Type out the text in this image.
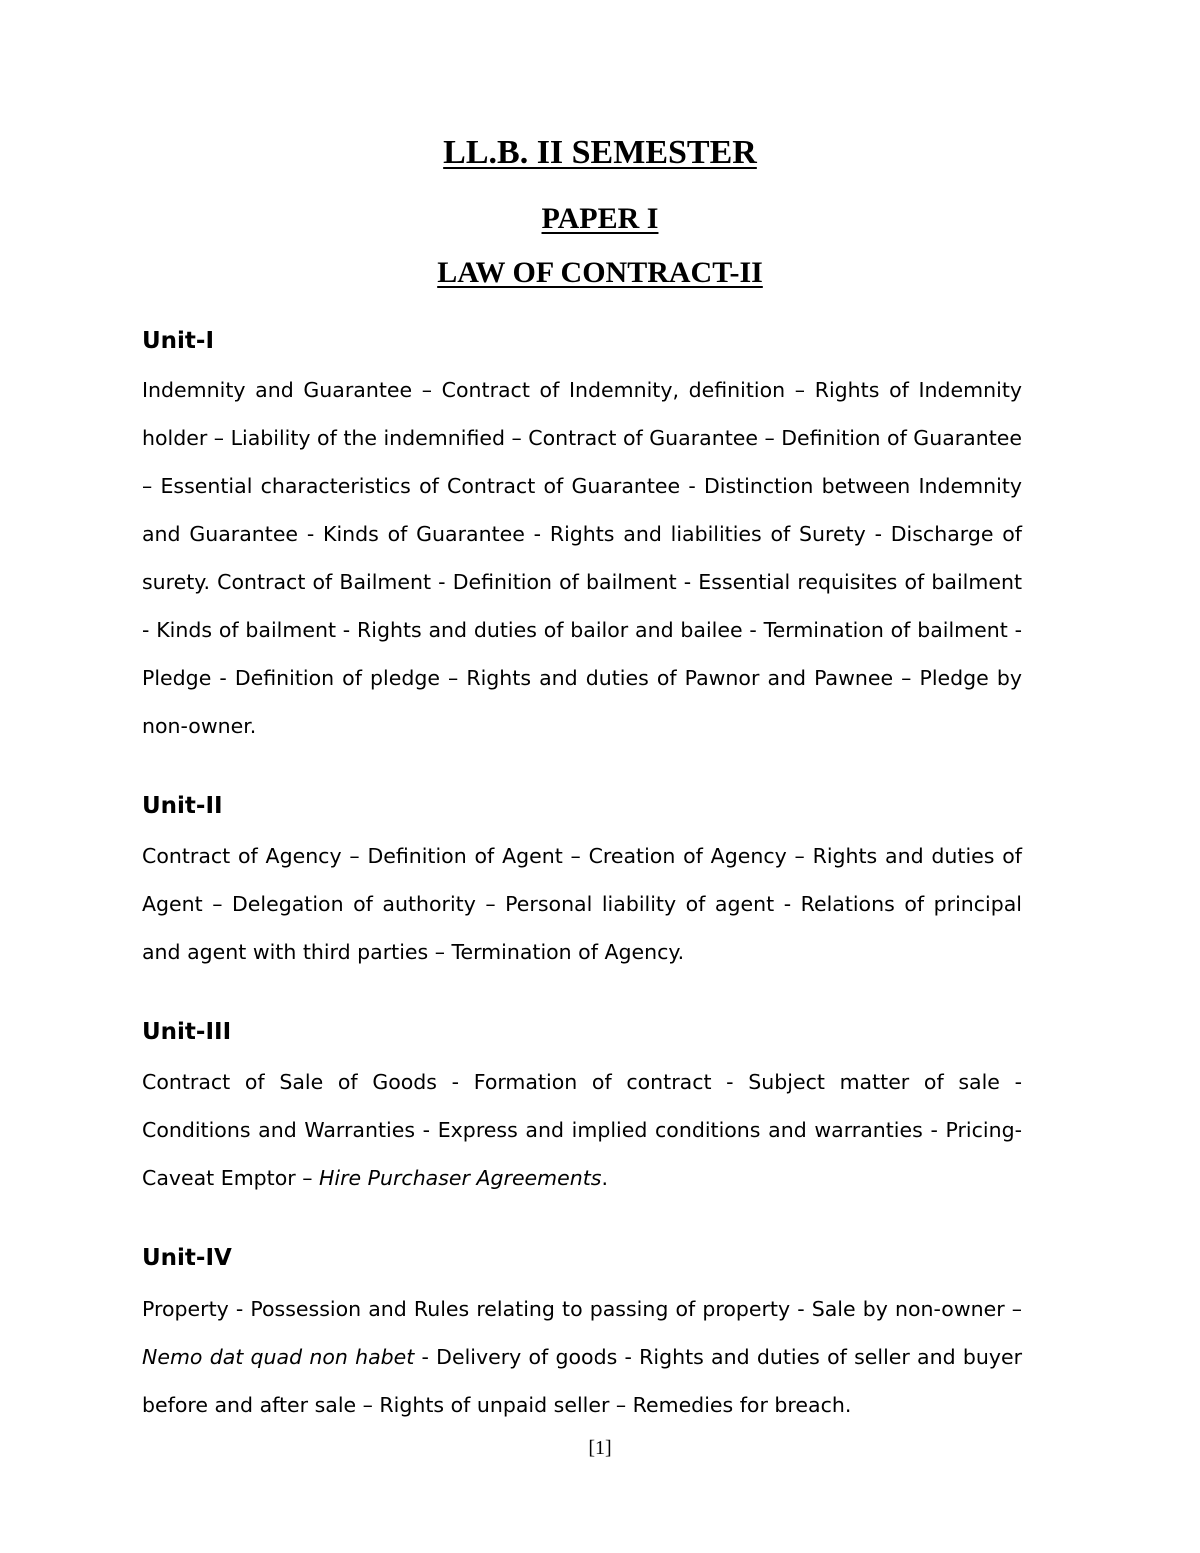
LL.B. II SEMESTER
PAPER I
LAW OF CONTRACT-II
Unit-I

Indemnity and Guarantee – Contract of Indemnity, definition – Rights of Indemnity holder – Liability of the indemnified – Contract of Guarantee – Definition of Guarantee – Essential characteristics of Contract of Guarantee - Distinction between Indemnity and Guarantee - Kinds of Guarantee - Rights and liabilities of Surety - Discharge of surety. Contract of Bailment - Definition of bailment - Essential requisites of bailment - Kinds of bailment - Rights and duties of bailor and bailee - Termination of bailment - Pledge - Definition of pledge – Rights and duties of Pawnor and Pawnee – Pledge by non-owner.

Unit-II

Contract of Agency – Definition of Agent – Creation of Agency – Rights and duties of Agent – Delegation of authority – Personal liability of agent - Relations of principal and agent with third parties – Termination of Agency.

Unit-III

Contract of Sale of Goods - Formation of contract - Subject matter of sale - Conditions and Warranties - Express and implied conditions and warranties - Pricing- Caveat Emptor – Hire Purchaser Agreements.

Unit-IV

Property - Possession and Rules relating to passing of property - Sale by non-owner – Nemo dat quad non habet - Delivery of goods - Rights and duties of seller and buyer before and after sale – Rights of unpaid seller – Remedies for breach.

[1]
